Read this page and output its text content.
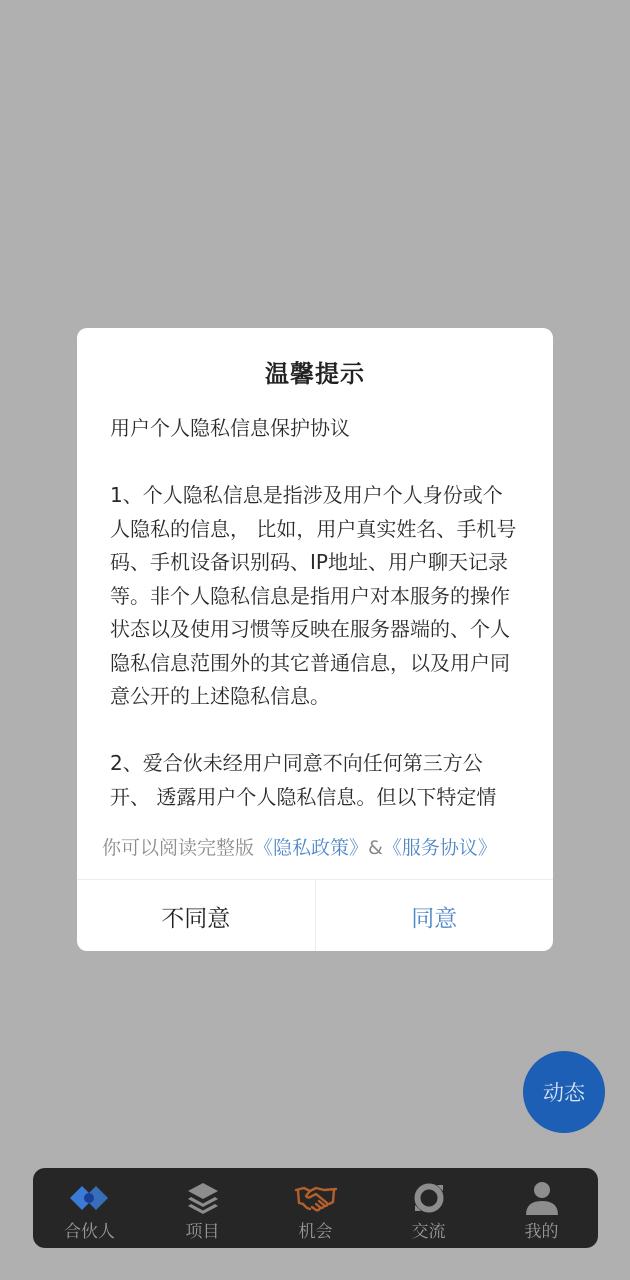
温馨提示

用户个人隐私信息保护协议

1、个人隐私信息是指涉及用户个人身份或个人隐私的信息， 比如，用户真实姓名、手机号码、手机设备识别码、IP地址、用户聊天记录等。非个人隐私信息是指用户对本服务的操作状态以及使用习惯等反映在服务器端的、个人隐私信息范围外的其它普通信息，以及用户同意公开的上述隐私信息。

2、爱合伙未经用户同意不向任何第三方公开、 透露用户个人隐私信息。但以下特定情

你可以阅读完整版《隐私政策》&《服务协议》
不同意	同意
动态
合伙人	项目	机会	交流	我的
